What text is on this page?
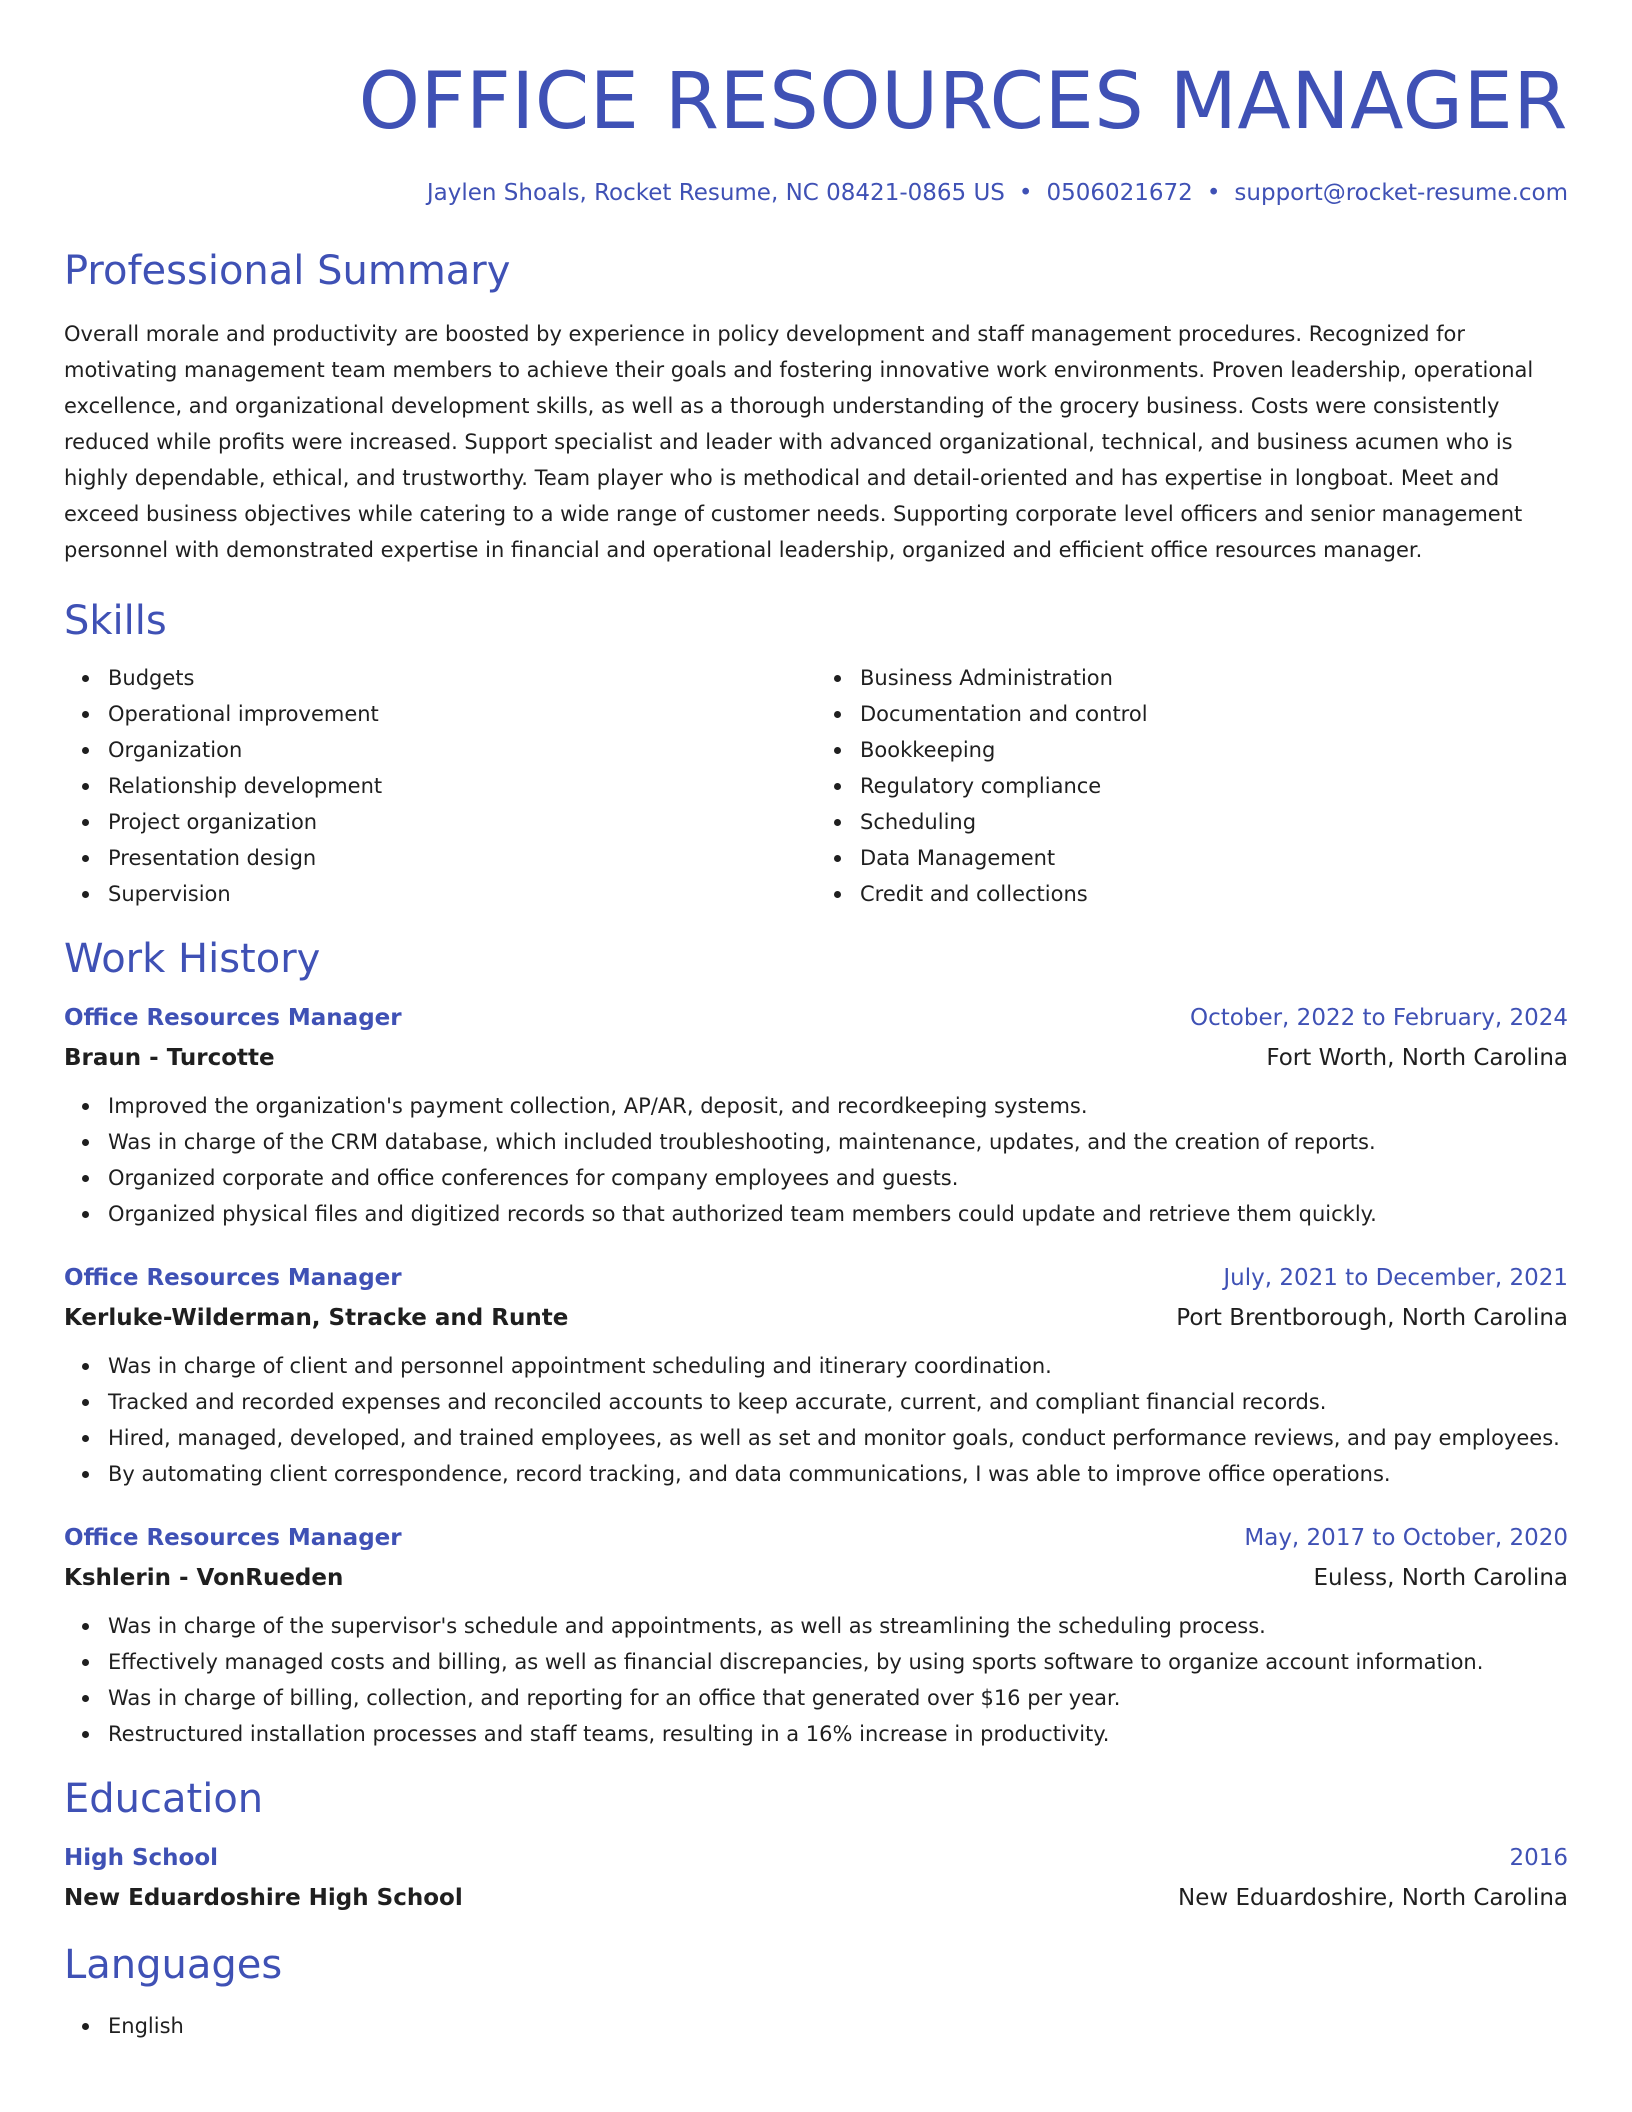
OFFICE RESOURCES MANAGER
Jaylen Shoals, Rocket Resume, NC 08421-0865 US • 0506021672 • support@rocket-resume.com
Professional Summary

Overall morale and productivity are boosted by experience in policy development and staff management procedures. Recognized for motivating management team members to achieve their goals and fostering innovative work environments. Proven leadership, operational excellence, and organizational development skills, as well as a thorough understanding of the grocery business. Costs were consistently reduced while profits were increased. Support specialist and leader with advanced organizational, technical, and business acumen who is highly dependable, ethical, and trustworthy. Team player who is methodical and detail-oriented and has expertise in longboat. Meet and exceed business objectives while catering to a wide range of customer needs. Supporting corporate level officers and senior management personnel with demonstrated expertise in financial and operational leadership, organized and efficient office resources manager.

Skills
Budgets
Operational improvement
Organization
Relationship development
Project organization
Presentation design
Supervision
Business Administration
Documentation and control
Bookkeeping
Regulatory compliance
Scheduling
Data Management
Credit and collections
Work History
Office Resources Manager	October, 2022 to February, 2024
Braun - Turcotte	Fort Worth, North Carolina
Improved the organization's payment collection, AP/AR, deposit, and recordkeeping systems.
Was in charge of the CRM database, which included troubleshooting, maintenance, updates, and the creation of reports.
Organized corporate and office conferences for company employees and guests.
Organized physical files and digitized records so that authorized team members could update and retrieve them quickly.
Office Resources Manager	July, 2021 to December, 2021
Kerluke-Wilderman, Stracke and Runte	Port Brentborough, North Carolina
Was in charge of client and personnel appointment scheduling and itinerary coordination.
Tracked and recorded expenses and reconciled accounts to keep accurate, current, and compliant financial records.
Hired, managed, developed, and trained employees, as well as set and monitor goals, conduct performance reviews, and pay employees.
By automating client correspondence, record tracking, and data communications, I was able to improve office operations.
Office Resources Manager	May, 2017 to October, 2020
Kshlerin - VonRueden	Euless, North Carolina
Was in charge of the supervisor's schedule and appointments, as well as streamlining the scheduling process.
Effectively managed costs and billing, as well as financial discrepancies, by using sports software to organize account information.
Was in charge of billing, collection, and reporting for an office that generated over $16 per year.
Restructured installation processes and staff teams, resulting in a 16% increase in productivity.
Education
High School	2016
New Eduardoshire High School	New Eduardoshire, North Carolina
Languages
English
